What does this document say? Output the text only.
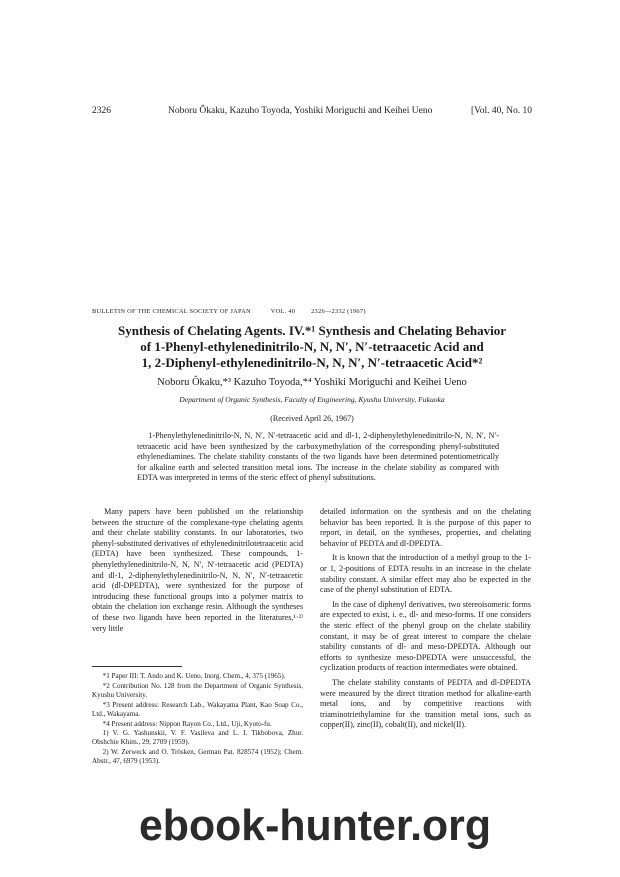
2326	Noboru Ôkaku, Kazuho Toyoda, Yoshiki Moriguchi and Keihei Ueno	[Vol. 40, No. 10
BULLETIN OF THE CHEMICAL SOCIETY OF JAPAN	VOL. 40 2326—2332 (1967)
Synthesis of Chelating Agents. IV.*¹ Synthesis and Chelating Behavior
of 1-Phenyl-ethylenedinitrilo-N, N, N′, N′-tetraacetic Acid and
1, 2-Diphenyl-ethylenedinitrilo-N, N, N′, N′-tetraacetic Acid*²
Noboru Ôkaku,*³ Kazuho Toyoda,*⁴ Yoshiki Moriguchi and Keihei Ueno
Department of Organic Synthesis, Faculty of Engineering, Kyushu University, Fukuoka
(Received April 26, 1967)

1-Phenylethylenedinitrilo-N, N, N′, N′-tetraacetic acid and dl-1, 2-diphenylethylenedinitrilo-N, N, N′, N′-tetraacetic acid have been synthesized by the carboxymethylation of the corresponding phenyl-substituted ethylenediamines. The chelate stability constants of the two ligands have been determined potentiometrically for alkaline earth and selected transition metal ions. The increase in the chelate stability as compared with EDTA was interpreted in terms of the steric effect of phenyl substitutions.

Many papers have been published on the relationship between the structure of the complexane-type chelating agents and their chelate stability constants. In our laboratories, two phenyl-substituted derivatives of ethylenedinitrilotetraacetic acid (EDTA) have been synthesized. These compounds, 1-phenylethylenedinitrilo-N, N, N′, N′-tetraacetic acid (PEDTA) and dl-1, 2-diphenylethylenedinitrilo-N, N, N′, N′-tetraacetic acid (dl-DPEDTA), were synthesized for the purpose of introducing these functional groups into a polymer matrix to obtain the chelation ion exchange resin. Although the syntheses of these two ligands have been reported in the literatures,¹·²⁾ very little

detailed information on the synthesis and on the chelating behavior has been reported. It is the purpose of this paper to report, in detail, on the syntheses, properties, and chelating behavior of PEDTA and dl-DPEDTA.

It is known that the introduction of a methyl group to the 1- or 1, 2-positions of EDTA results in an increase in the chelate stability constant. A similar effect may also be expected in the case of the phenyl substitution of EDTA.

In the case of diphenyl derivatives, two stereoisomeric forms are expected to exist, i. e., dl- and meso-forms. If one considers the steric effect of the phenyl group on the chelate stability constant, it may be of great interest to compare the chelate stability constants of dl- and meso-DPEDTA. Although our efforts to synthesize meso-DPEDTA were unsuccessful, the cyclization products of reaction intermediates were obtained.

The chelate stability constants of PEDTA and dl-DPEDTA were measured by the direct titration method for alkaline-earth metal ions, and by competitive reactions with triaminotriethylamine for the transition metal ions, such as copper(II), zinc(II), cobalt(II), and nickel(II).

*1 Paper III: T. Ando and K. Ueno, Inorg. Chem., 4, 375 (1965).

*2 Contribution No. 128 from the Department of Organic Synthesis, Kyushu University.

*3 Present address: Research Lab., Wakayama Plant, Kao Soap Co., Ltd., Wakayama.

*4 Present address: Nippon Rayon Co., Ltd., Uji, Kyoto-fu.

1) V. G. Yashunskii, V. F. Vasileva and L. I. Tikbobova, Zhur. Obshchie Khim., 29, 2709 (1959).

2) W. Zerweck and O. Trösken, German Pat. 828574 (1952); Chem. Abstr., 47, 6979 (1953).

ebook-hunter.org
